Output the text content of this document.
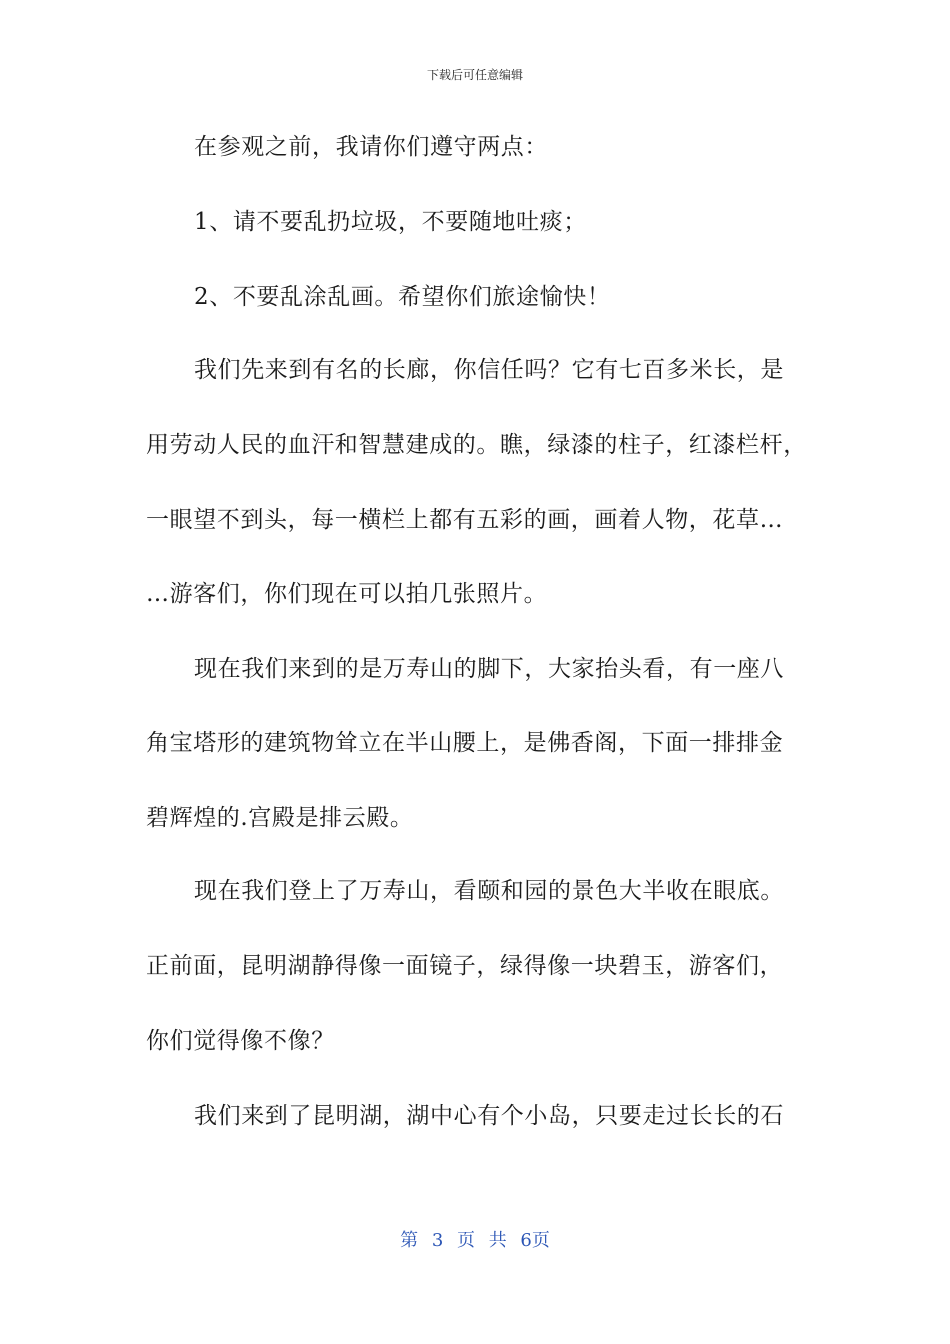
下载后可任意编辑
在参观之前，我请你们遵守两点：
1、请不要乱扔垃圾，不要随地吐痰；
2、不要乱涂乱画。希望你们旅途愉快！
我们先来到有名的长廊，你信任吗？它有七百多米长，是
用劳动人民的血汗和智慧建成的。瞧，绿漆的柱子，红漆栏杆，
一眼望不到头，每一横栏上都有五彩的画，画着人物，花草…
…游客们，你们现在可以拍几张照片。
现在我们来到的是万寿山的脚下，大家抬头看，有一座八
角宝塔形的建筑物耸立在半山腰上，是佛香阁，下面一排排金
碧辉煌的.宫殿是排云殿。
现在我们登上了万寿山，看颐和园的景色大半收在眼底。
正前面，昆明湖静得像一面镜子，绿得像一块碧玉，游客们，
你们觉得像不像？
我们来到了昆明湖，湖中心有个小岛，只要走过长长的石
第 3 页 共 6页
